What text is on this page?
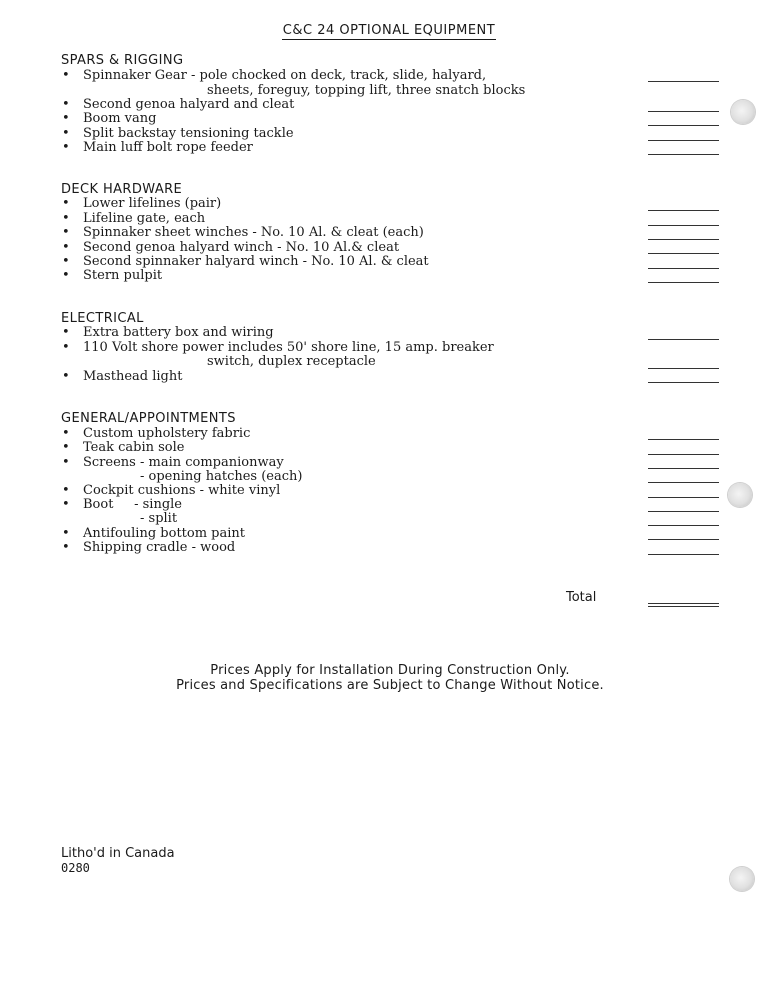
C&C 24 OPTIONAL EQUIPMENT
SPARS & RIGGING
• Spinnaker Gear - pole chocked on deck, track, slide, halyard,
sheets, foreguy, topping lift, three snatch blocks
• Second genoa halyard and cleat
• Boom vang
• Split backstay tensioning tackle
• Main luff bolt rope feeder
DECK HARDWARE
• Lower lifelines (pair)
• Lifeline gate, each
• Spinnaker sheet winches - No. 10 Al. & cleat (each)
• Second genoa halyard winch - No. 10 Al.& cleat
• Second spinnaker halyard winch - No. 10 Al. & cleat
• Stern pulpit
ELECTRICAL
• Extra battery box and wiring
• 110 Volt shore power includes 50' shore line, 15 amp. breaker
switch, duplex receptacle
• Masthead light
GENERAL/APPOINTMENTS
• Custom upholstery fabric
• Teak cabin sole
• Screens - main companionway
- opening hatches (each)
• Cockpit cushions - white vinyl
• Boot     - single
- split
• Antifouling bottom paint
• Shipping cradle - wood
Total
Prices Apply for Installation During Construction Only.
Prices and Specifications are Subject to Change Without Notice.
Litho'd in Canada
0280
